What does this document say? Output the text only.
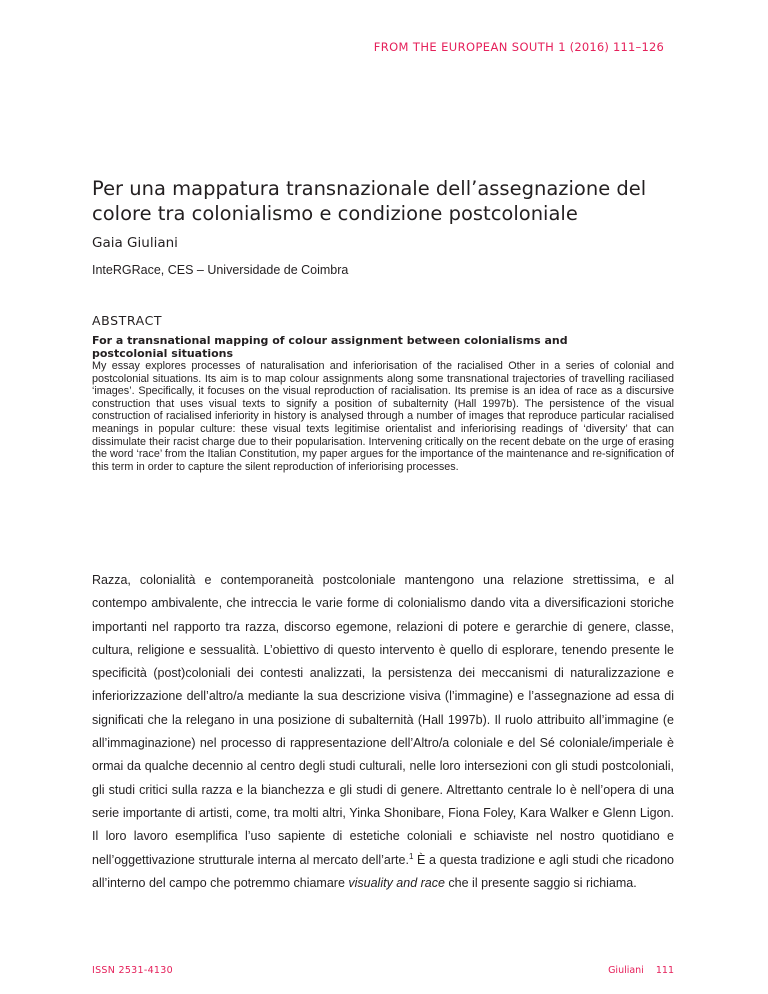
FROM THE EUROPEAN SOUTH 1 (2016) 111–126
Per una mappatura transnazionale dell’assegnazione del colore tra colonialismo e condizione postcoloniale

Gaia Giuliani

InteRGRace, CES – Universidade de Coimbra

ABSTRACT

For a transnational mapping of colour assignment between colonialisms and postcolonial situations

My essay explores processes of naturalisation and inferiorisation of the racialised Other in a series of colonial and postcolonial situations. Its aim is to map colour assignments along some transnational trajectories of travelling raciliased ‘images’. Specifically, it focuses on the visual reproduction of racialisation. Its premise is an idea of race as a discursive construction that uses visual texts to signify a position of subalternity (Hall 1997b). The persistence of the visual construction of racialised inferiority in history is analysed through a number of images that reproduce particular racialised meanings in popular culture: these visual texts legitimise orientalist and inferiorising readings of ‘diversity’ that can dissimulate their racist charge due to their popularisation. Intervening critically on the recent debate on the urge of erasing the word ‘race’ from the Italian Constitution, my paper argues for the importance of the maintenance and re-signification of this term in order to capture the silent reproduction of inferiorising processes.

Razza, colonialità e contemporaneità postcoloniale mantengono una relazione strettissima, e al contempo ambivalente, che intreccia le varie forme di colonialismo dando vita a diversificazioni storiche importanti nel rapporto tra razza, discorso egemone, relazioni di potere e gerarchie di genere, classe, cultura, religione e sessualità. L’obiettivo di questo intervento è quello di esplorare, tenendo presente le specificità (post)coloniali dei contesti analizzati, la persistenza dei meccanismi di naturalizzazione e inferiorizzazione dell’altro/a mediante la sua descrizione visiva (l’immagine) e l’assegnazione ad essa di significati che la relegano in una posizione di subalternità (Hall 1997b). Il ruolo attribuito all’immagine (e all’immaginazione) nel processo di rappresentazione dell’Altro/a coloniale e del Sé coloniale/imperiale è ormai da qualche decennio al centro degli studi culturali, nelle loro intersezioni con gli studi postcoloniali, gli studi critici sulla razza e la bianchezza e gli studi di genere. Altrettanto centrale lo è nell’opera di una serie importante di artisti, come, tra molti altri, Yinka Shonibare, Fiona Foley, Kara Walker e Glenn Ligon. Il loro lavoro esemplifica l’uso sapiente di estetiche coloniali e schiaviste nel nostro quotidiano e nell’oggettivazione strutturale interna al mercato dell’arte.$^1$ È a questa tradizione e agli studi che ricadono all’interno del campo che potremmo chiamare visuality and race che il presente saggio si richiama.

ISSN 2531-4130	Giuliani 111
